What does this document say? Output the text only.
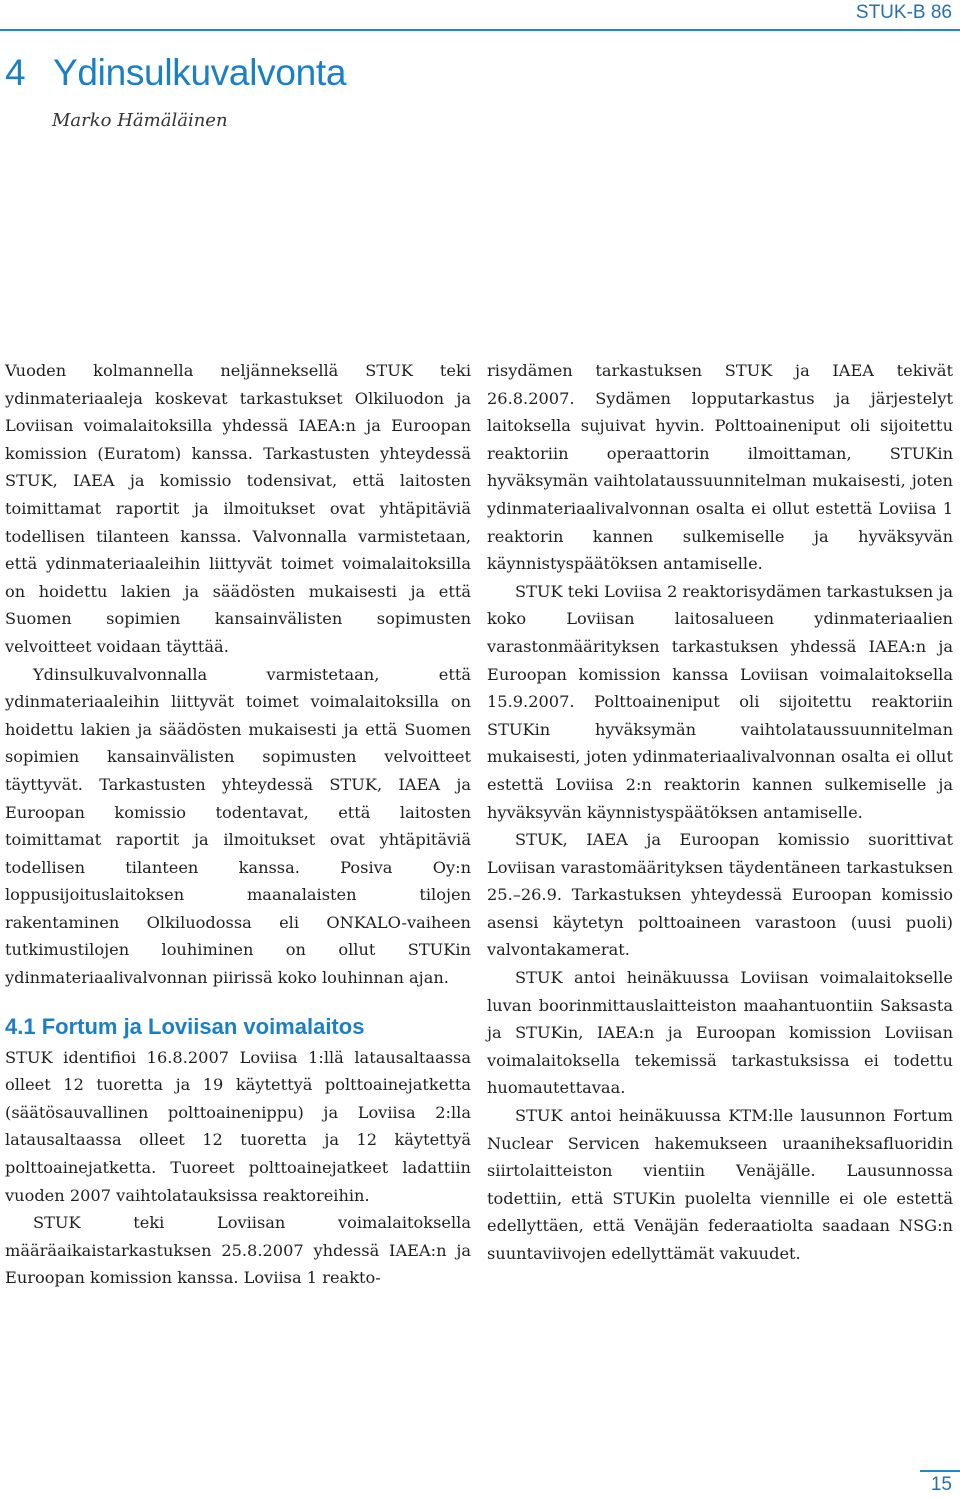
STUK-B 86
4 Ydinsulkuvalvonta
Marko Hämäläinen

Vuoden kolmannella neljänneksellä STUK teki ydinmateriaaleja koskevat tarkastukset Olkiluodon ja Loviisan voimalaitoksilla yhdessä IAEA:n ja Euroopan komission (Euratom) kanssa. Tarkastusten yhteydessä STUK, IAEA ja komissio todensivat, että laitosten toimittamat raportit ja ilmoitukset ovat yhtäpitäviä todellisen tilanteen kanssa. Valvonnalla varmistetaan, että ydinmateriaaleihin liittyvät toimet voimalaitoksilla on hoidettu lakien ja säädösten mukaisesti ja että Suomen sopimien kansainvälisten sopimusten velvoitteet voidaan täyttää.

Ydinsulkuvalvonnalla varmistetaan, että ydinmateriaaleihin liittyvät toimet voimalaitoksilla on hoidettu lakien ja säädösten mukaisesti ja että Suomen sopimien kansainvälisten sopimusten velvoitteet täyttyvät. Tarkastusten yhteydessä STUK, IAEA ja Euroopan komissio todentavat, että laitosten toimittamat raportit ja ilmoitukset ovat yhtäpitäviä todellisen tilanteen kanssa. Posiva Oy:n loppusijoituslaitoksen maanalaisten tilojen rakentaminen Olkiluodossa eli ONKALO-vaiheen tutkimustilojen louhiminen on ollut STUKin ydinmateriaalivalvonnan piirissä koko louhinnan ajan.

4.1 Fortum ja Loviisan voimalaitos

STUK identifioi 16.8.2007 Loviisa 1:llä latausaltaassa olleet 12 tuoretta ja 19 käytettyä polttoainejatketta (säätösauvallinen polttoainenippu) ja Loviisa 2:lla latausaltaassa olleet 12 tuoretta ja 12 käytettyä polttoainejatketta. Tuoreet polttoainejatkeet ladattiin vuoden 2007 vaihtolatauksissa reaktoreihin.

STUK teki Loviisan voimalaitoksella määräaikaistarkastuksen 25.8.2007 yhdessä IAEA:n ja Euroopan komission kanssa. Loviisa 1 reakto-

risydämen tarkastuksen STUK ja IAEA tekivät 26.8.2007. Sydämen lopputarkastus ja järjestelyt laitoksella sujuivat hyvin. Polttoaineniput oli sijoitettu reaktoriin operaattorin ilmoittaman, STUKin hyväksymän vaihtolataussuunnitelman mukaisesti, joten ydinmateriaalivalvonnan osalta ei ollut estettä Loviisa 1 reaktorin kannen sulkemiselle ja hyväksyvän käynnistyspäätöksen antamiselle.

STUK teki Loviisa 2 reaktorisydämen tarkastuksen ja koko Loviisan laitosalueen ydinmateriaalien varastonmäärityksen tarkastuksen yhdessä IAEA:n ja Euroopan komission kanssa Loviisan voimalaitoksella 15.9.2007. Polttoaineniput oli sijoitettu reaktoriin STUKin hyväksymän vaihtolataussuunnitelman mukaisesti, joten ydinmateriaalivalvonnan osalta ei ollut estettä Loviisa 2:n reaktorin kannen sulkemiselle ja hyväksyvän käynnistyspäätöksen antamiselle.

STUK, IAEA ja Euroopan komissio suorittivat Loviisan varastomäärityksen täydentäneen tarkastuksen 25.–26.9. Tarkastuksen yhteydessä Euroopan komissio asensi käytetyn polttoaineen varastoon (uusi puoli) valvontakamerat.

STUK antoi heinäkuussa Loviisan voimalaitokselle luvan boorinmittauslaitteiston maahantuontiin Saksasta ja STUKin, IAEA:n ja Euroopan komission Loviisan voimalaitoksella tekemissä tarkastuksissa ei todettu huomautettavaa.

STUK antoi heinäkuussa KTM:lle lausunnon Fortum Nuclear Servicen hakemukseen uraaniheksafluoridin siirtolaitteiston vientiin Venäjälle. Lausunnossa todettiin, että STUKin puolelta viennille ei ole estettä edellyttäen, että Venäjän federaatiolta saadaan NSG:n suuntaviivojen edellyttämät vakuudet.

15
